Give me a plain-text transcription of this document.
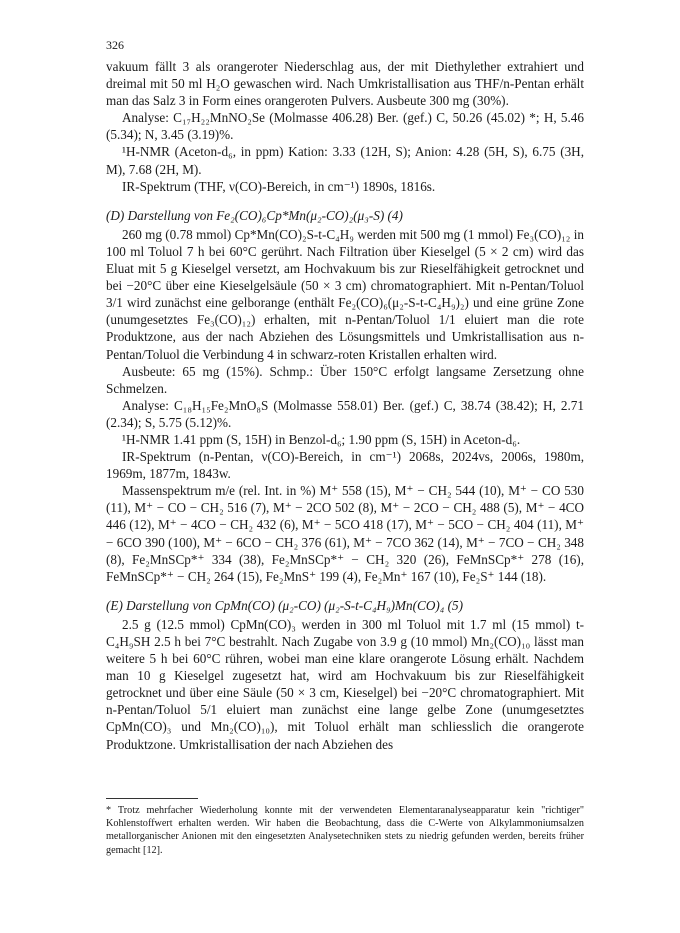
326

vakuum fällt 3 als orangeroter Niederschlag aus, der mit Diethylether extrahiert und dreimal mit 50 ml H₂O gewaschen wird. Nach Umkristallisation aus THF/n-Pentan erhält man das Salz 3 in Form eines orangeroten Pulvers. Ausbeute 300 mg (30%).

Analyse: C₁₇H₂₂MnNO₂Se (Molmasse 406.28) Ber. (gef.) C, 50.26 (45.02) *; H, 5.46 (5.34); N, 3.45 (3.19)%.

¹H-NMR (Aceton-d₆, in ppm) Kation: 3.33 (12H, S); Anion: 4.28 (5H, S), 6.75 (3H, M), 7.68 (2H, M).

IR-Spektrum (THF, ν(CO)-Bereich, in cm⁻¹) 1890s, 1816s.

(D) Darstellung von Fe₂(CO)₆Cp*Mn(μ₂-CO)₂(μ₃-S) (4)

260 mg (0.78 mmol) Cp*Mn(CO)₂S-t-C₄H₉ werden mit 500 mg (1 mmol) Fe₃(CO)₁₂ in 100 ml Toluol 7 h bei 60°C gerührt. Nach Filtration über Kieselgel (5 × 2 cm) wird das Eluat mit 5 g Kieselgel versetzt, am Hochvakuum bis zur Rieselfähigkeit getrocknet und bei −20°C über eine Kieselgelsäule (50 × 3 cm) chromatographiert. Mit n-Pentan/Toluol 3/1 wird zunächst eine gelborange (enthält Fe₂(CO)₆(μ₂-S-t-C₄H₉)₂) und eine grüne Zone (unumgesetztes Fe₃(CO)₁₂) erhalten, mit n-Pentan/Toluol 1/1 eluiert man die rote Produktzone, aus der nach Abziehen des Lösungsmittels und Umkristallisation aus n-Pentan/Toluol die Verbindung 4 in schwarz-roten Kristallen erhalten wird.

Ausbeute: 65 mg (15%). Schmp.: Über 150°C erfolgt langsame Zersetzung ohne Schmelzen.

Analyse: C₁₈H₁₅Fe₂MnO₈S (Molmasse 558.01) Ber. (gef.) C, 38.74 (38.42); H, 2.71 (2.34); S, 5.75 (5.12)%.

¹H-NMR 1.41 ppm (S, 15H) in Benzol-d₆; 1.90 ppm (S, 15H) in Aceton-d₆.

IR-Spektrum (n-Pentan, ν(CO)-Bereich, in cm⁻¹) 2068s, 2024vs, 2006s, 1980m, 1969m, 1877m, 1843w.

Massenspektrum m/e (rel. Int. in %) M⁺ 558 (15), M⁺ − CH₂ 544 (10), M⁺ − CO 530 (11), M⁺ − CO − CH₂ 516 (7), M⁺ − 2CO 502 (8), M⁺ − 2CO − CH₂ 488 (5), M⁺ − 4CO 446 (12), M⁺ − 4CO − CH₂ 432 (6), M⁺ − 5CO 418 (17), M⁺ − 5CO − CH₂ 404 (11), M⁺ − 6CO 390 (100), M⁺ − 6CO − CH₂ 376 (61), M⁺ − 7CO 362 (14), M⁺ − 7CO − CH₂ 348 (8), Fe₂MnSCp*⁺ 334 (38), Fe₂MnSCp*⁺ − CH₂ 320 (26), FeMnSCp*⁺ 278 (16), FeMnSCp*⁺ − CH₂ 264 (15), Fe₂MnS⁺ 199 (4), Fe₂Mn⁺ 167 (10), Fe₂S⁺ 144 (18).

(E) Darstellung von CpMn(CO) (μ₂-CO) (μ₂-S-t-C₄H₉)Mn(CO)₄ (5)

2.5 g (12.5 mmol) CpMn(CO)₃ werden in 300 ml Toluol mit 1.7 ml (15 mmol) t-C₄H₉SH 2.5 h bei 7°C bestrahlt. Nach Zugabe von 3.9 g (10 mmol) Mn₂(CO)₁₀ lässt man weitere 5 h bei 60°C rühren, wobei man eine klare orangerote Lösung erhält. Nachdem man 10 g Kieselgel zugesetzt hat, wird am Hochvakuum bis zur Rieselfähigkeit getrocknet und über eine Säule (50 × 3 cm, Kieselgel) bei −20°C chromatographiert. Mit n-Pentan/Toluol 5/1 eluiert man zunächst eine lange gelbe Zone (unumgesetztes CpMn(CO)₃ und Mn₂(CO)₁₀), mit Toluol erhält man schliesslich die orangerote Produktzone. Umkristallisation der nach Abziehen des

* Trotz mehrfacher Wiederholung konnte mit der verwendeten Elementaranalyseapparatur kein "richtiger" Kohlenstoffwert erhalten werden. Wir haben die Beobachtung, dass die C-Werte von Alkylammoniumsalzen metallorganischer Anionen mit den eingesetzten Analysetechniken stets zu niedrig gefunden werden, bereits früher gemacht [12].
